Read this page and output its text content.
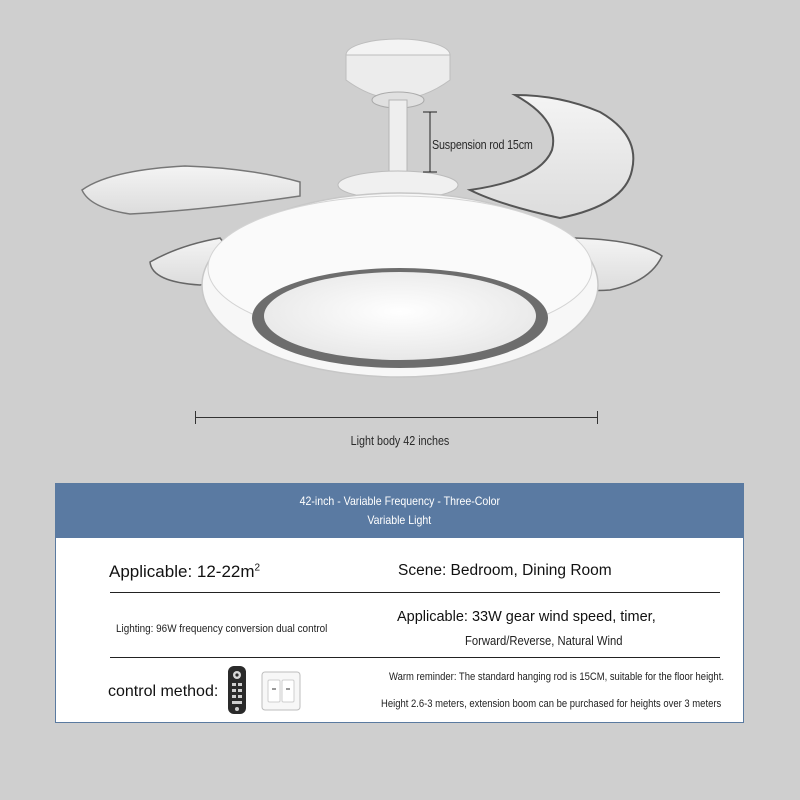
Suspension rod 15cm
Light body 42 inches
42-inch - Variable Frequency - Three-Color
Variable Light
Applicable: $12-22m^2$	Scene: Bedroom, Dining Room
Lighting: 96W frequency conversion dual control
Applicable: 33W gear wind speed, timer,
Forward/Reverse, Natural Wind
control method:
Warm reminder: The standard hanging rod is 15CM, suitable for the floor height.
Height 2.6-3 meters, extension boom can be purchased for heights over 3 meters
